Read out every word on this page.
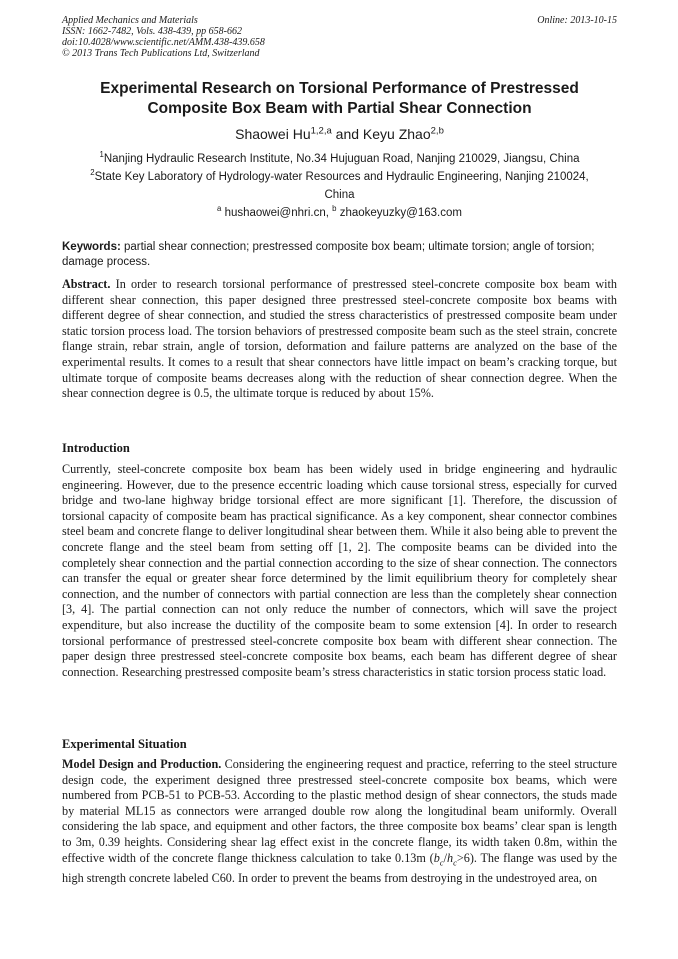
Applied Mechanics and Materials
ISSN: 1662-7482, Vols. 438-439, pp 658-662
doi:10.4028/www.scientific.net/AMM.438-439.658
© 2013 Trans Tech Publications Ltd, Switzerland
Online: 2013-10-15
Experimental Research on Torsional Performance of Prestressed
Composite Box Beam with Partial Shear Connection
Shaowei Hu$^{1,2,a}$ and Keyu Zhao$^{2,b}$
$^1$Nanjing Hydraulic Research Institute, No.34 Hujuguan Road, Nanjing 210029, Jiangsu, China
$^2$State Key Laboratory of Hydrology-water Resources and Hydraulic Engineering, Nanjing 210024,
China
$^a$ hushaowei@nhri.cn, $^b$ zhaokeyuzky@163.com
Keywords: partial shear connection; prestressed composite box beam; ultimate torsion; angle of torsion; damage process.
Abstract. In order to research torsional performance of prestressed steel-concrete composite box beam with different shear connection, this paper designed three prestressed steel-concrete composite box beams with different degree of shear connection, and studied the stress characteristics of prestressed composite beam under static torsion process load. The torsion behaviors of prestressed composite beam such as the steel strain, concrete flange strain, rebar strain, angle of torsion, deformation and failure patterns are analyzed on the base of the experimental results. It comes to a result that shear connectors have little impact on beam’s cracking torque, but ultimate torque of composite beams decreases along with the reduction of shear connection degree. When the shear connection degree is 0.5, the ultimate torque is reduced by about 15%.
Introduction
Currently, steel-concrete composite box beam has been widely used in bridge engineering and hydraulic engineering. However, due to the presence eccentric loading which cause torsional stress, especially for curved bridge and two-lane highway bridge torsional effect are more significant [1]. Therefore, the discussion of torsional capacity of composite beam has practical significance. As a key component, shear connector combines steel beam and concrete flange to deliver longitudinal shear between them. While it also being able to prevent the concrete flange and the steel beam from setting off [1, 2]. The composite beams can be divided into the completely shear connection and the partial connection according to the size of shear connection. The connectors can transfer the equal or greater shear force determined by the limit equilibrium theory for completely shear connection, and the number of connectors with partial connection are less than the completely shear connection [3, 4]. The partial connection can not only reduce the number of connectors, which will save the project expenditure, but also increase the ductility of the composite beam to some extension [4]. In order to research torsional performance of prestressed steel-concrete composite box beam with different shear connection. The paper design three prestressed steel-concrete composite box beams, each beam has different degree of shear connection. Researching prestressed composite beam’s stress characteristics in static torsion process static load.
Experimental Situation
Model Design and Production. Considering the engineering request and practice, referring to the steel structure design code, the experiment designed three prestressed steel-concrete composite box beams, which were numbered from PCB-51 to PCB-53. According to the plastic method design of shear connectors, the studs made by material ML15 as connectors were arranged double row along the longitudinal beam uniformly. Overall considering the lab space, and equipment and other factors, the three composite box beams’ clear span is length to 3m, 0.39 heights. Considering shear lag effect exist in the concrete flange, its width taken 0.8m, within the effective width of the concrete flange thickness calculation to take 0.13m $(b_c/h_c>6)$. The flange was used by the high strength concrete labeled C60. In order to prevent the beams from destroying in the undestroyed area, on
